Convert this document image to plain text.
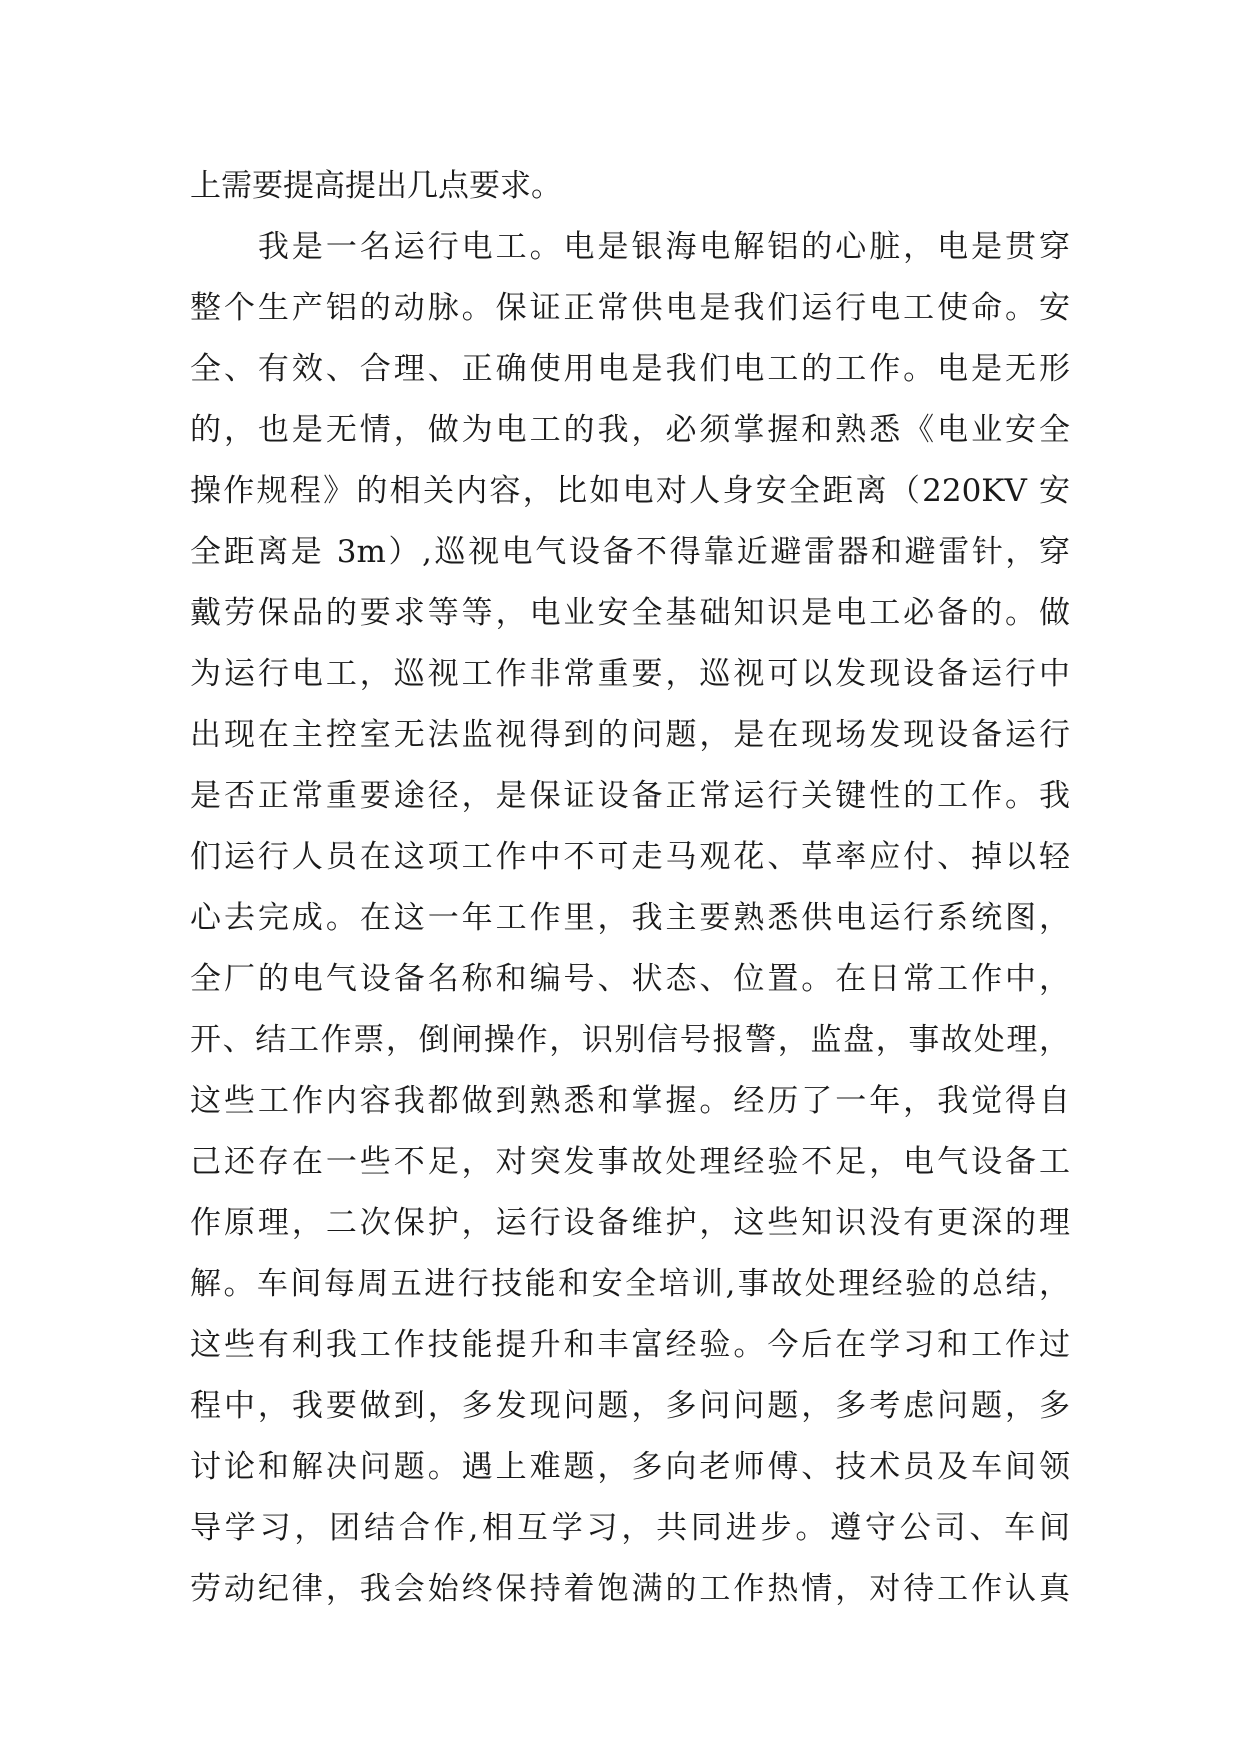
上需要提高提出几点要求。
　　我是一名运行电工。电是银海电解铝的心脏，电是贯穿
整个生产铝的动脉。保证正常供电是我们运行电工使命。安
全、有效、合理、正确使用电是我们电工的工作。电是无形
的，也是无情，做为电工的我，必须掌握和熟悉《电业安全
操作规程》的相关内容，比如电对人身安全距离（220KV 安
全距离是 3m）,巡视电气设备不得靠近避雷器和避雷针，穿
戴劳保品的要求等等，电业安全基础知识是电工必备的。做
为运行电工，巡视工作非常重要，巡视可以发现设备运行中
出现在主控室无法监视得到的问题，是在现场发现设备运行
是否正常重要途径，是保证设备正常运行关键性的工作。我
们运行人员在这项工作中不可走马观花、草率应付、掉以轻
心去完成。在这一年工作里，我主要熟悉供电运行系统图，
全厂的电气设备名称和编号、状态、位置。在日常工作中，
开、结工作票，倒闸操作，识别信号报警，监盘，事故处理，
这些工作内容我都做到熟悉和掌握。经历了一年，我觉得自
己还存在一些不足，对突发事故处理经验不足，电气设备工
作原理，二次保护，运行设备维护，这些知识没有更深的理
解。车间每周五进行技能和安全培训,事故处理经验的总结，
这些有利我工作技能提升和丰富经验。今后在学习和工作过
程中，我要做到，多发现问题，多问问题，多考虑问题，多
讨论和解决问题。遇上难题，多向老师傅、技术员及车间领
导学习，团结合作,相互学习，共同进步。遵守公司、车间
劳动纪律，我会始终保持着饱满的工作热情，对待工作认真
